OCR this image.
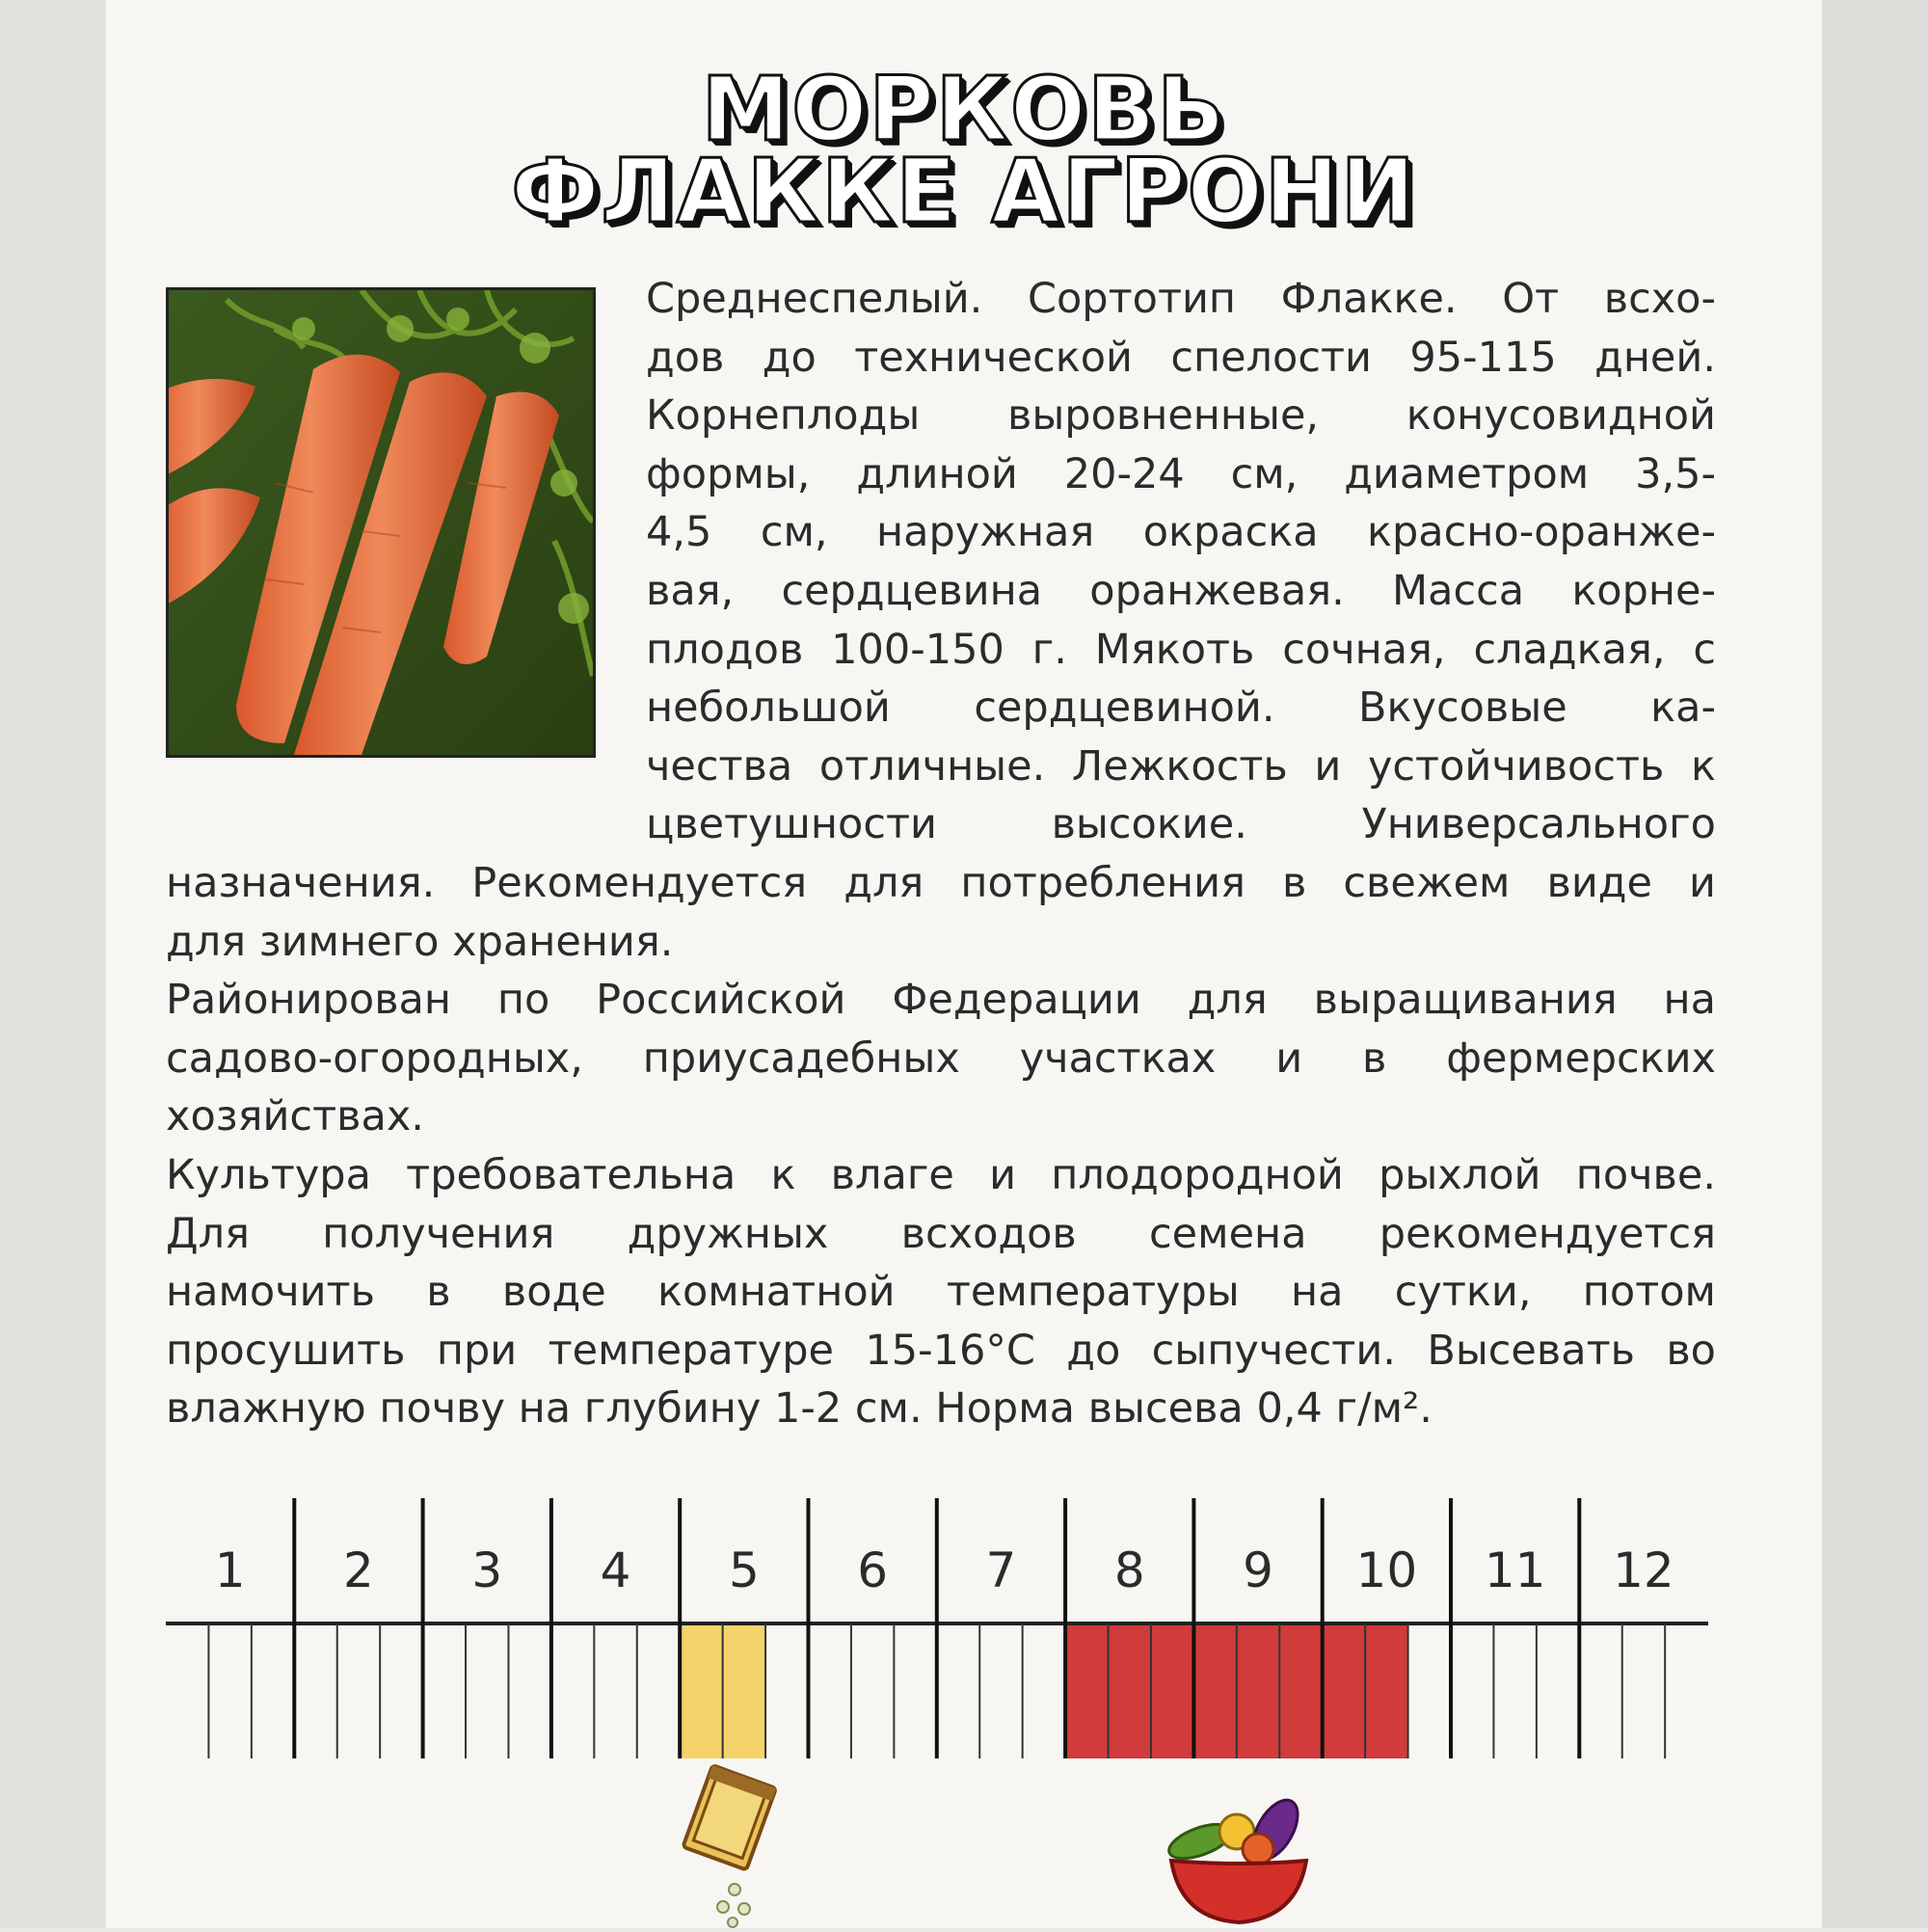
МОРКОВЬ
ФЛАККЕ АГРОНИ
Среднеспелый. Сортотип Флакке. От всхо-
дов до технической спелости 95-115 дней.
Корнеплоды выровненные, конусовидной
формы, длиной 20-24 см, диаметром 3,5-
4,5 см, наружная окраска красно-оранже-
вая, сердцевина оранжевая. Масса корне-
плодов 100-150 г. Мякоть сочная, сладкая, с
небольшой сердцевиной. Вкусовые ка-
чества отличные. Лежкость и устойчивость к
цветушности высокие. Универсального
назначения. Рекомендуется для потребления в свежем виде и
для зимнего хранения.
Районирован по Российской Федерации для выращивания на
садово-огородных, приусадебных участках и в фермерских
хозяйствах.
Культура требовательна к влаге и плодородной рыхлой почве.
Для получения дружных всходов семена рекомендуется
намочить в воде комнатной температуры на сутки, потом
просушить при температуре 15-16°С до сыпучести. Высевать во
влажную почву на глубину 1-2 см. Норма высева 0,4 г/м².
1 2 3 4 5 6 7 8 9 10 11 12
